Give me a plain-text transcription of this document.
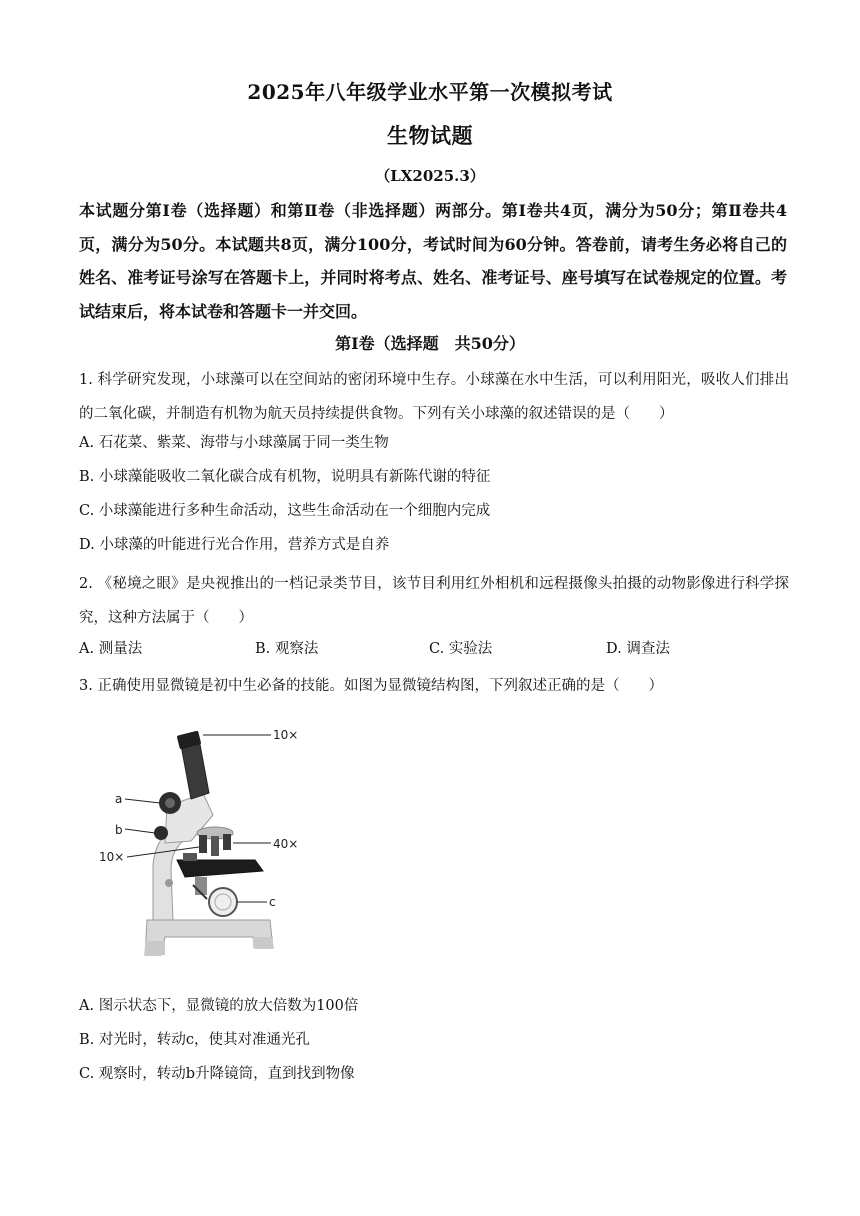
2025年八年级学业水平第一次模拟考试
生物试题
（LX2025.3）

本试题分第Ⅰ卷（选择题）和第Ⅱ卷（非选择题）两部分。第Ⅰ卷共4页，满分为50分；第Ⅱ卷共4页，满分为50分。本试题共8页，满分100分，考试时间为60分钟。答卷前，请考生务必将自己的姓名、准考证号涂写在答题卡上，并同时将考点、姓名、准考证号、座号填写在试卷规定的位置。考试结束后，将本试卷和答题卡一并交回。

第Ⅰ卷（选择题　共50分）

1. 科学研究发现，小球藻可以在空间站的密闭环境中生存。小球藻在水中生活，可以利用阳光，吸收人们排出的二氧化碳，并制造有机物为航天员持续提供食物。下列有关小球藻的叙述错误的是（　　）

A. 石花菜、紫菜、海带与小球藻属于同一类生物
B. 小球藻能吸收二氧化碳合成有机物，说明具有新陈代谢的特征
C. 小球藻能进行多种生命活动，这些生命活动在一个细胞内完成
D. 小球藻的叶能进行光合作用，营养方式是自养

2. 《秘境之眼》是央视推出的一档记录类节目，该节目利用红外相机和远程摄像头拍摄的动物影像进行科学探究，这种方法属于（　　）

A. 测量法	B. 观察法	C. 实验法	D. 调查法

3. 正确使用显微镜是初中生必备的技能。如图为显微镜结构图，下列叙述正确的是（　　）

10×
a
b
10×
40×
c
A. 图示状态下，显微镜的放大倍数为100倍
B. 对光时，转动c，使其对准通光孔
C. 观察时，转动b升降镜筒，直到找到物像
